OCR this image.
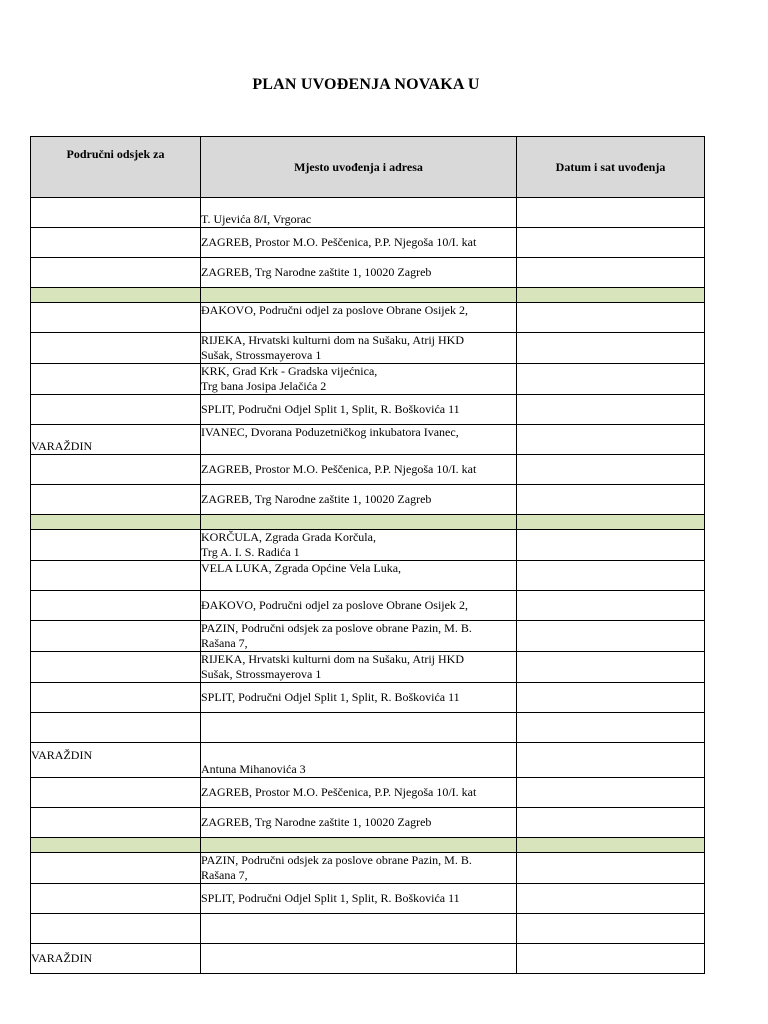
PLAN UVOĐENJA NOVAKA U
Područni odsjek za	Mjesto uvođenja i adresa	Datum i sat uvođenja
	T. Ujevića 8/I, Vrgorac	
	ZAGREB, Prostor M.O. Peščenica, P.P. Njegoša 10/I. kat	
	ZAGREB, Trg Narodne zaštite 1, 10020 Zagreb	

	ĐAKOVO, Područni odjel za poslove Obrane Osijek 2,	

	RIJEKA, Hrvatski kulturni dom na Sušaku, Atrij HKD
Sušak, Strossmayerova 1	

	KRK, Grad Krk - Gradska vijećnica,
Trg bana Josipa Jelačića 2	

	SPLIT, Područni Odjel Split 1, Split, R. Boškovića 11	
VARAŽDIN	IVANEC, Dvorana Poduzetničkog inkubatora Ivanec,	
	ZAGREB, Prostor M.O. Peščenica, P.P. Njegoša 10/I. kat	
	ZAGREB, Trg Narodne zaštite 1, 10020 Zagreb	

	KORČULA, Zgrada Grada Korčula,
Trg A. I. S. Radića 1	

	VELA LUKA, Zgrada Općine Vela Luka,	
	ĐAKOVO, Područni odjel za poslove Obrane Osijek 2,	

	PAZIN, Područni odsjek za poslove obrane Pazin, M. B.
Rašana 7,	

	RIJEKA, Hrvatski kulturni dom na Sušaku, Atrij HKD
Sušak, Strossmayerova 1	

	SPLIT, Područni Odjel Split 1, Split, R. Boškovića 11	

VARAŽDIN	Antuna Mihanovića 3	
	ZAGREB, Prostor M.O. Peščenica, P.P. Njegoša 10/I. kat	
	ZAGREB, Trg Narodne zaštite 1, 10020 Zagreb	

	PAZIN, Područni odsjek za poslove obrane Pazin, M. B.
Rašana 7,	

	SPLIT, Područni Odjel Split 1, Split, R. Boškovića 11	

VARAŽDIN		
